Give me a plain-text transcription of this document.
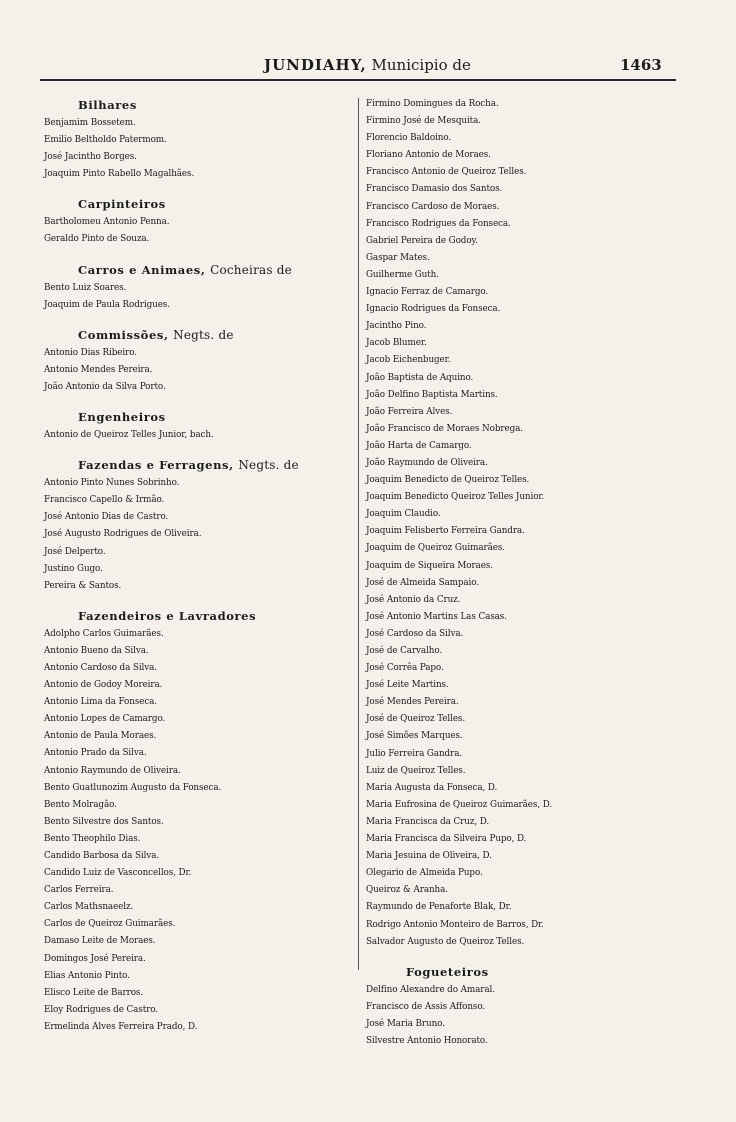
JUNDIAHY, Municipio de	1463
Bilhares
Benjamim Bossetem.
Emilio Beltholdo Patermom.
José Jacintho Borges.
Joaquim Pinto Rabello Magalhães.
Carpinteiros
Bartholomeu Antonio Penna.
Geraldo Pinto de Souza.
Carros e Animaes, Cocheiras de
Bento Luiz Soares.
Joaquim de Paula Rodrigues.
Commissões, Negts. de
Antonio Dias Ribeiro.
Antonio Mendes Pereira.
João Antonio da Silva Porto.
Engenheiros
Antonio de Queiroz Telles Junior, bach.
Fazendas e Ferragens, Negts. de
Antonio Pinto Nunes Sobrinho.
Francisco Capello & Irmão.
José Antonio Dias de Castro.
José Augusto Rodrigues de Oliveira.
José Delperto.
Justino Gugo.
Pereira & Santos.
Fazendeiros e Lavradores
Adolpho Carlos Guimarães.
Antonio Bueno da Silva.
Antonio Cardoso da Silva.
Antonio de Godoy Moreira.
Antonio Lima da Fonseca.
Antonio Lopes de Camargo.
Antonio de Paula Moraes.
Antonio Prado da Silva.
Antonio Raymundo de Oliveira.
Bento Guatlunozim Augusto da Fonseca.
Bento Molragão.
Bento Silvestre dos Santos.
Bento Theophilo Dias.
Candido Barbosa da Silva.
Candido Luiz de Vasconcellos, Dr.
Carlos Ferreira.
Carlos Mathsnaeelz.
Carlos de Queiroz Guimarães.
Damaso Leite de Moraes.
Domingos José Pereira.
Elias Antonio Pinto.
Elisco Leite de Barros.
Eloy Rodrigues de Castro.
Ermelinda Alves Ferreira Prado, D.
Firmino Domingues da Rocha.
Firmino José de Mesquita.
Florencio Baldoino.
Floriano Antonio de Moraes.
Francisco Antonio de Queiroz Telles.
Francisco Damasio dos Santos.
Francisco Cardoso de Moraes.
Francisco Rodrigues da Fonseca.
Gabriel Pereira de Godoy.
Gaspar Mates.
Guilherme Guth.
Ignacio Ferraz de Camargo.
Ignacio Rodrigues da Fonseca.
Jacintho Pino.
Jacob Blumer.
Jacob Eichenbuger.
João Baptista de Aquino.
João Delfino Baptista Martins.
João Ferreira Alves.
João Francisco de Moraes Nobrega.
João Harta de Camargo.
João Raymundo de Oliveira.
Joaquim Benedicto de Queiroz Telles.
Joaquim Benedicto Queiroz Telles Junior.
Joaquim Claudio.
Joaquim Felisberto Ferreira Gandra.
Joaquim de Queiroz Guimarães.
Joaquim de Siqueira Moraes.
José de Almeida Sampaio.
José Antonio da Cruz.
José Antonio Martins Las Casas.
José Cardoso da Silva.
José de Carvalho.
José Corrêa Papo.
José Leite Martins.
José Mendes Pereira.
José de Queiroz Telles.
José Simões Marques.
Julio Ferreira Gandra.
Luiz de Queiroz Telles.
Maria Augusta da Fonseca, D.
Maria Eufrosina de Queiroz Guimarães, D.
Maria Francisca da Cruz, D.
Maria Francisca da Silveira Pupo, D.
Maria Jesuina de Oliveira, D.
Olegario de Almeida Pupo.
Queiroz & Aranha.
Raymundo de Penaforte Blak, Dr.
Rodrigo Antonio Monteiro de Barros, Dr.
Salvador Augusto de Queiroz Telles.
Fogueteiros
Delfino Alexandre do Amaral.
Francisco de Assis Affonso.
José Maria Bruno.
Silvestre Antonio Honorato.
